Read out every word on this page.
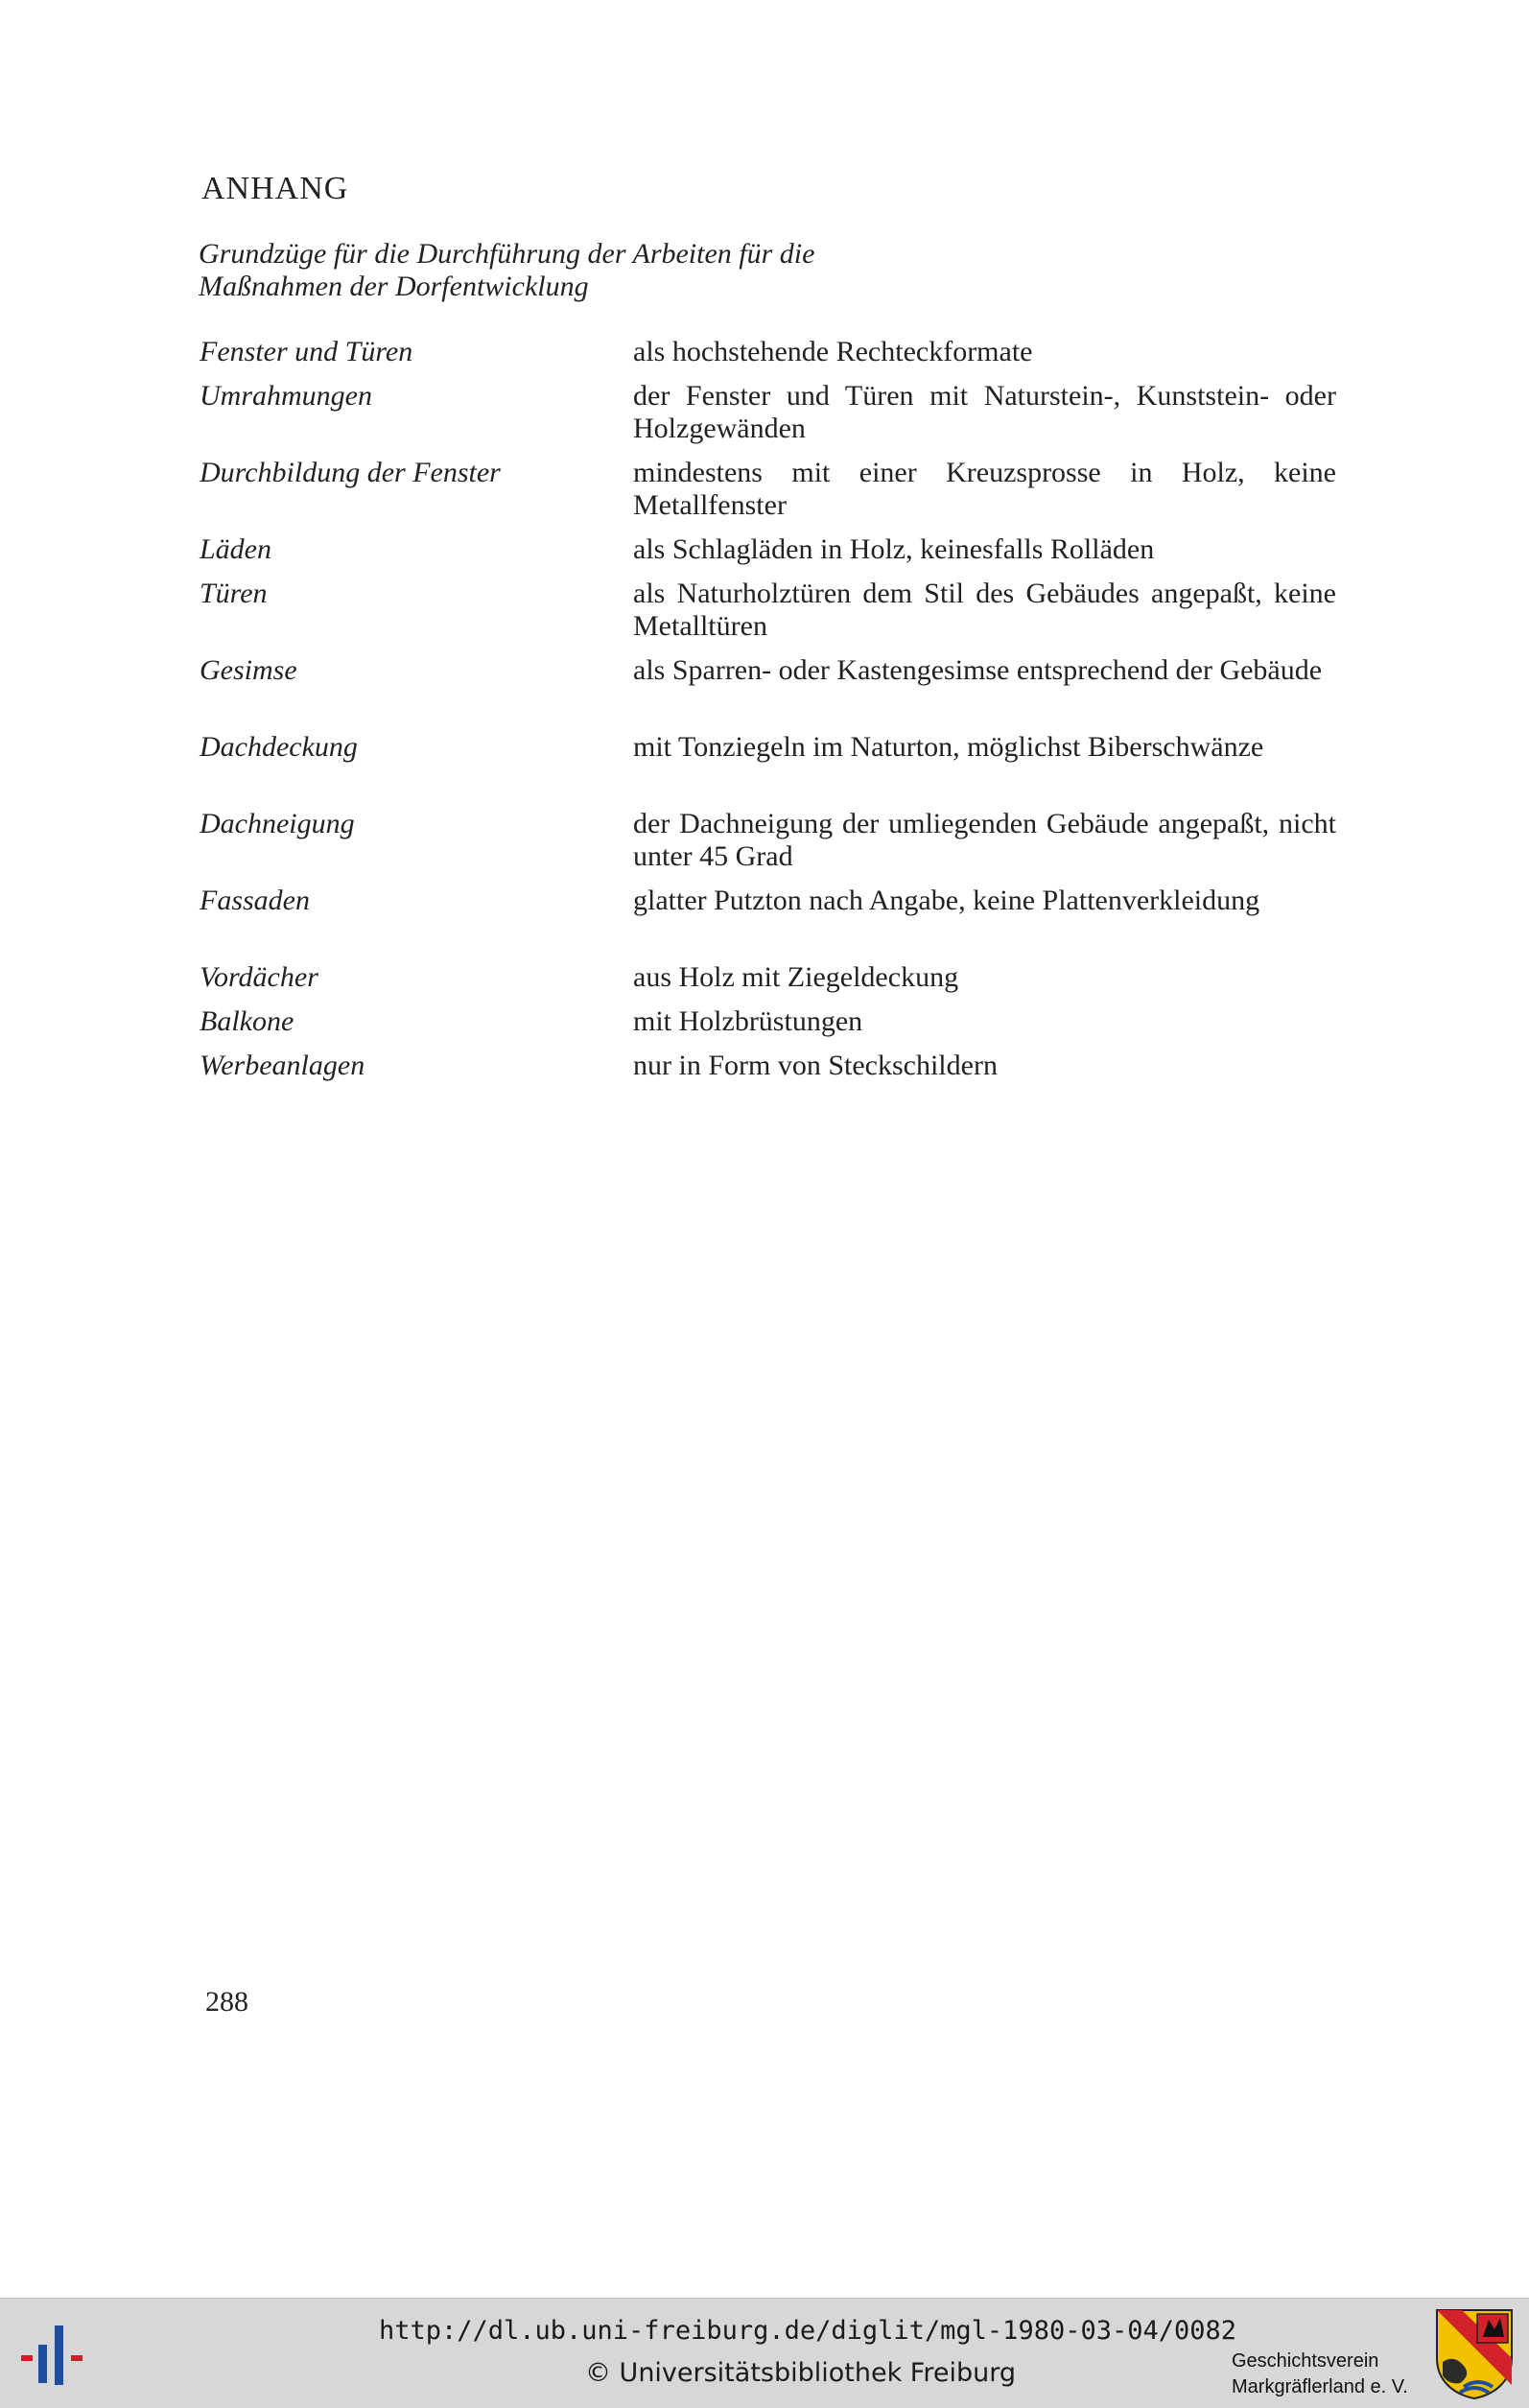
ANHANG
Grundzüge für die Durchführung der Arbeiten für die
Maßnahmen der Dorfentwicklung
Fenster und Türen	als hochstehende Rechteckformate
Umrahmungen	der Fenster und Türen mit Naturstein-, Kunststein- oder Holzgewänden
Durchbildung der Fenster	mindestens mit einer Kreuzsprosse in Holz, keine Metallfenster
Läden	als Schlagläden in Holz, keinesfalls Rolläden
Türen	als Naturholztüren dem Stil des Gebäudes angepaßt, keine Metalltüren
Gesimse	als Sparren- oder Kastengesimse entsprechend der Gebäude
Dachdeckung	mit Tonziegeln im Naturton, möglichst Biberschwänze
Dachneigung	der Dachneigung der umliegenden Gebäude angepaßt, nicht unter 45 Grad
Fassaden	glatter Putzton nach Angabe, keine Plattenverkleidung
Vordächer	aus Holz mit Ziegeldeckung
Balkone	mit Holzbrüstungen
Werbeanlagen	nur in Form von Steckschildern
288
http://dl.ub.uni-freiburg.de/diglit/mgl-1980-03-04/0082
© Universitätsbibliothek Freiburg	Geschichtsverein
Markgräflerland e. V.
